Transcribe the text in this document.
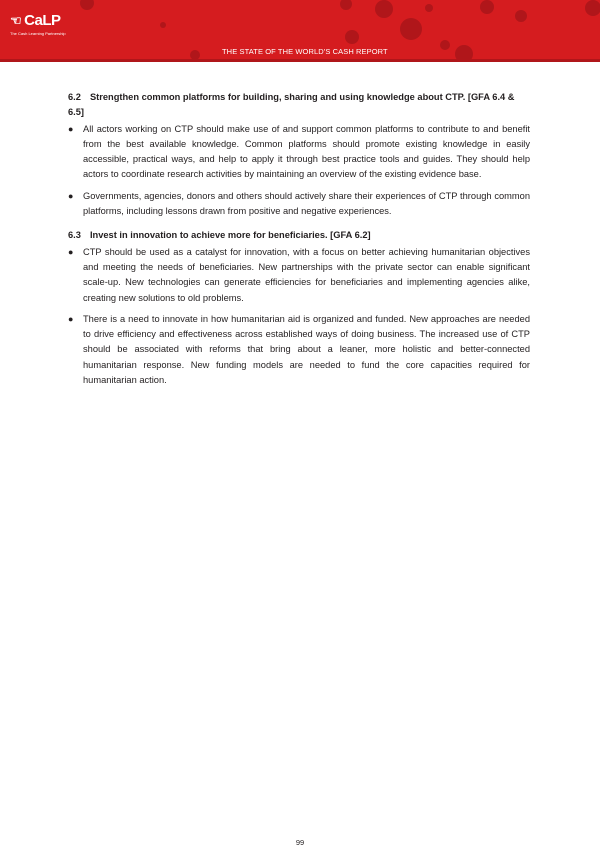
☜ CaLP
The Cash Learning Partnership
THE STATE OF THE WORLD'S CASH REPORT
6.2 Strengthen common platforms for building, sharing and using knowledge about CTP. [GFA 6.4 & 6.5]
● All actors working on CTP should make use of and support common platforms to contribute to and benefit from the best available knowledge. Common platforms should promote existing knowledge in easily accessible, practical ways, and help to apply it through best practice tools and guides. They should help actors to coordinate research activities by maintaining an overview of the existing evidence base.
● Governments, agencies, donors and others should actively share their experiences of CTP through common platforms, including lessons drawn from positive and negative experiences.
6.3 Invest in innovation to achieve more for beneficiaries. [GFA 6.2]
● CTP should be used as a catalyst for innovation, with a focus on better achieving humanitarian objectives and meeting the needs of beneficiaries. New partnerships with the private sector can enable significant scale-up. New technologies can generate efficiencies for beneficiaries and implementing agencies alike, creating new solutions to old problems.
● There is a need to innovate in how humanitarian aid is organized and funded. New approaches are needed to drive efficiency and effectiveness across established ways of doing business. The increased use of CTP should be associated with reforms that bring about a leaner, more holistic and better-connected humanitarian response. New funding models are needed to fund the core capacities required for humanitarian action.
99
